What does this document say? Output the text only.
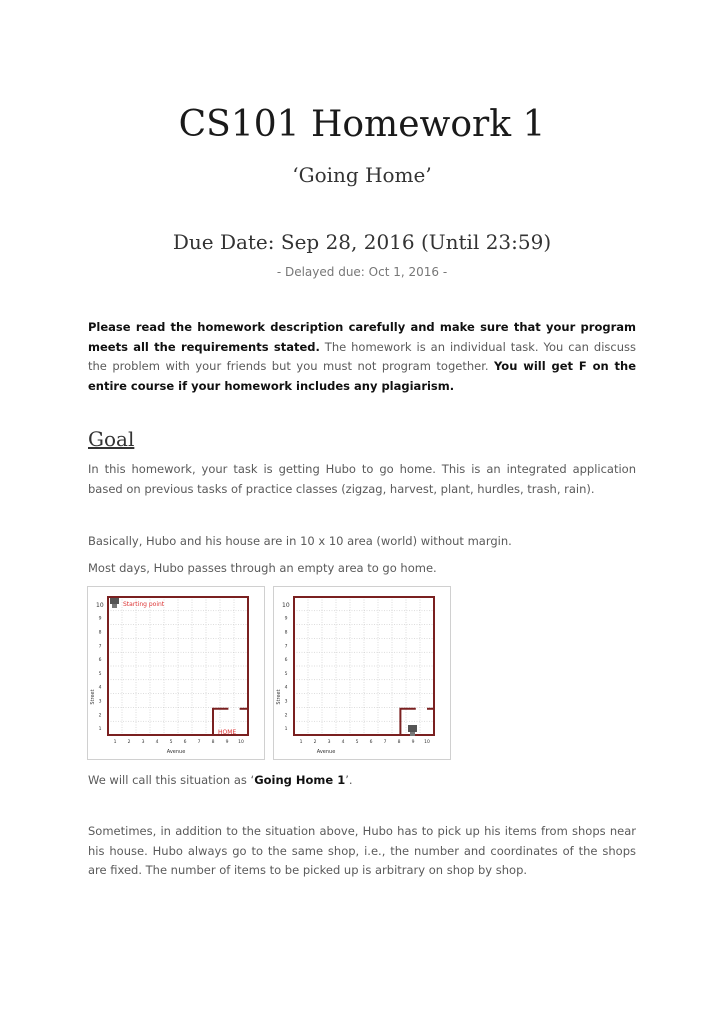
CS101 Homework 1
‘Going Home’
Due Date: Sep 28, 2016 (Until 23:59)
- Delayed due: Oct 1, 2016 -

Please read the homework description carefully and make sure that your program meets all the requirements stated. The homework is an individual task. You can discuss the problem with your friends but you must not program together. You will get F on the entire course if your homework includes any plagiarism.

Goal

In this homework, your task is getting Hubo to go home. This is an integrated application based on previous tasks of practice classes (zigzag, harvest, plant, hurdles, trash, rain).

Basically, Hubo and his house are in 10 x 10 area (world) without margin.

Most days, Hubo passes through an empty area to go home.

1
1
2
2
3
3
4
4
5
5
6
6
7
7
8
8
9
9
10
10	Starting point
HOME
Avenue
Street
1
1
2
2
3
3
4
4
5
5
6
6
7
7
8
8
9
9
10
10
Avenue
Street

We will call this situation as ‘Going Home 1’.

Sometimes, in addition to the situation above, Hubo has to pick up his items from shops near his house. Hubo always go to the same shop, i.e., the number and coordinates of the shops are fixed. The number of items to be picked up is arbitrary on shop by shop.
